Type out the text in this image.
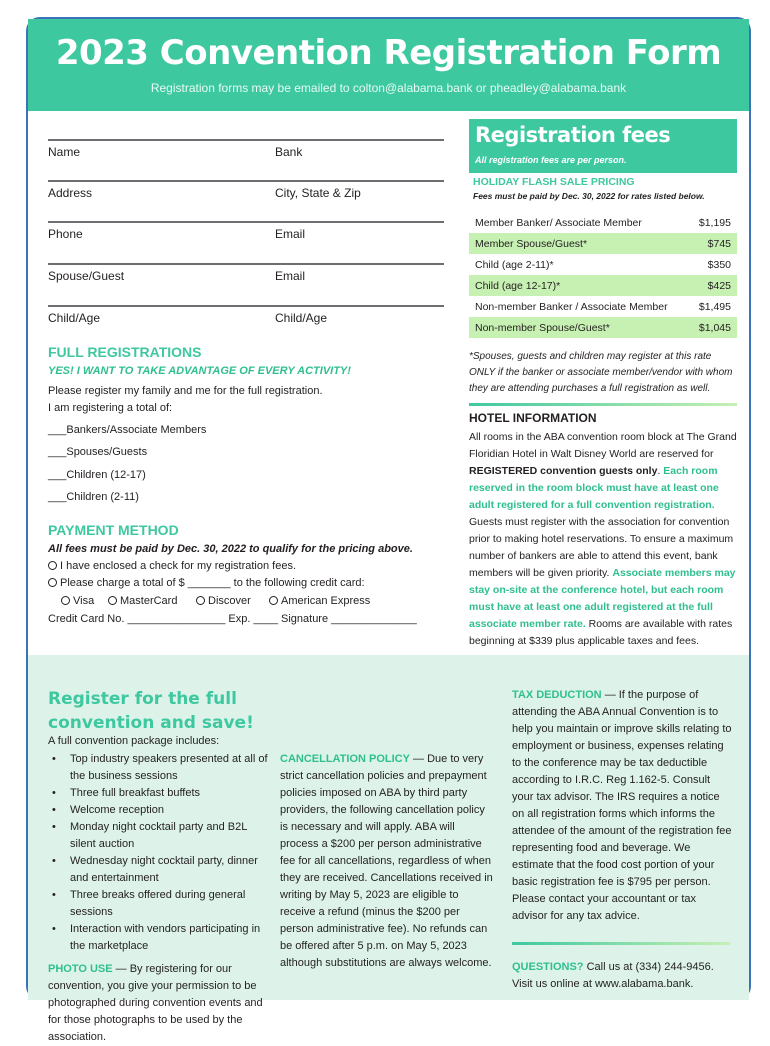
2023 Convention Registration Form
Registration forms may be emailed to colton@alabama.bank or pheadley@alabama.bank
Name	Bank
Address	City, State & Zip
Phone	Email
Spouse/Guest	Email
Child/Age	Child/Age
FULL REGISTRATIONS
YES! I WANT TO TAKE ADVANTAGE OF EVERY ACTIVITY!
Please register my family and me for the full registration.
I am registering a total of:
___Bankers/Associate Members
___Spouses/Guests
___Children (12-17)
___Children (2-11)
PAYMENT METHOD
All fees must be paid by Dec. 30, 2022 to qualify for the pricing above.
I have enclosed a check for my registration fees.
Please charge a total of $ _______ to the following credit card:
Visa	MasterCard	Discover	American Express
Credit Card No. ________________ Exp. ____ Signature ______________
Registration fees
All registration fees are per person.
HOLIDAY FLASH SALE PRICING
Fees must be paid by Dec. 30, 2022 for rates listed below.
Member Banker/ Associate Member	$1,195
Member Spouse/Guest*	$745
Child (age 2-11)*	$350
Child (age 12-17)*	$425
Non-member Banker / Associate Member	$1,495
Non-member Spouse/Guest*	$1,045
*Spouses, guests and children may register at this rate ONLY if the banker or associate member/vendor with whom they are attending purchases a full registration as well.
HOTEL INFORMATION
All rooms in the ABA convention room block at The Grand Floridian Hotel in Walt Disney World are reserved for REGISTERED convention guests only. Each room reserved in the room block must have at least one adult registered for a full convention registration. Guests must register with the association for convention prior to making hotel reservations. To ensure a maximum number of bankers are able to attend this event, bank members will be given priority. Associate members may stay on-site at the conference hotel, but each room must have at least one adult registered at the full associate member rate. Rooms are available with rates beginning at $339 plus applicable taxes and fees.
Register for the full convention and save!
A full convention package includes:
• Top industry speakers presented at all of the business sessions
• Three full breakfast buffets
• Welcome reception
• Monday night cocktail party and B2L silent auction
• Wednesday night cocktail party, dinner and entertainment
• Three breaks offered during general sessions
• Interaction with vendors participating in the marketplace
PHOTO USE — By registering for our convention, you give your permission to be photographed during convention events and for those photographs to be used by the association.
CANCELLATION POLICY — Due to very strict cancellation policies and prepayment policies imposed on ABA by third party providers, the following cancellation policy is necessary and will apply. ABA will process a $200 per person administrative fee for all cancellations, regardless of when they are received. Cancellations received in writing by May 5, 2023 are eligible to receive a refund (minus the $200 per person administrative fee). No refunds can be offered after 5 p.m. on May 5, 2023 although substitutions are always welcome.
TAX DEDUCTION — If the purpose of attending the ABA Annual Convention is to help you maintain or improve skills relating to employment or business, expenses relating to the conference may be tax deductible according to I.R.C. Reg 1.162-5. Consult your tax advisor. The IRS requires a notice on all registration forms which informs the attendee of the amount of the registration fee representing food and beverage. We estimate that the food cost portion of your basic registration fee is $795 per person. Please contact your accountant or tax advisor for any tax advice.
QUESTIONS? Call us at (334) 244-9456. Visit us online at www.alabama.bank.
